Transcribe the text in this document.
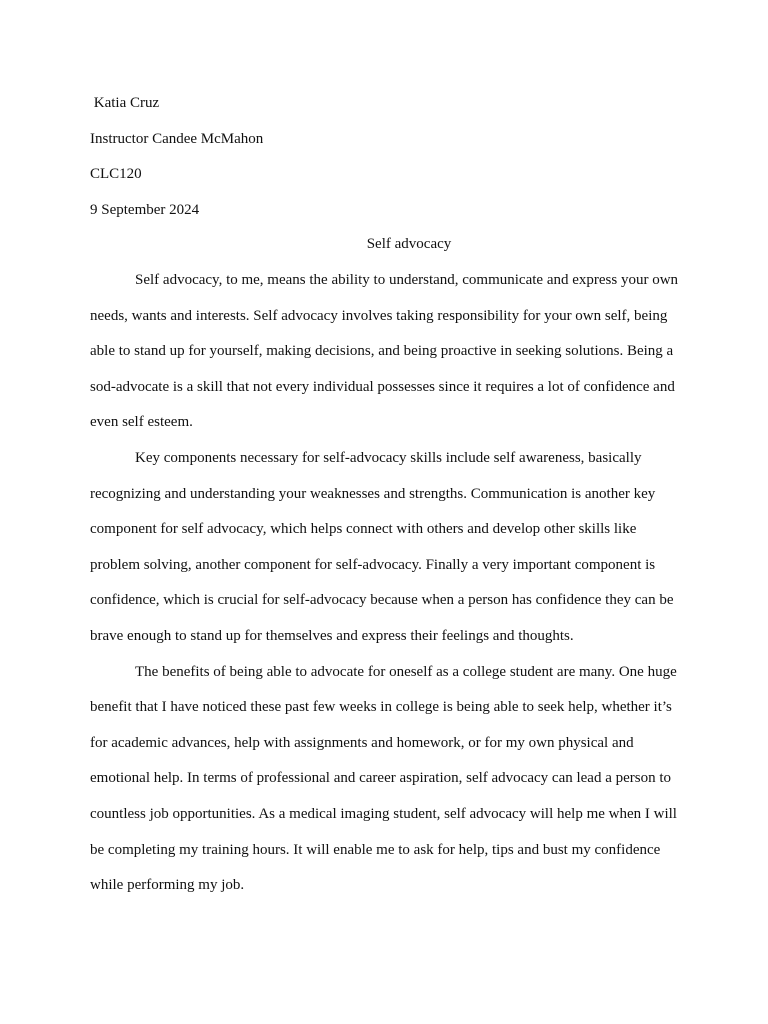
Katia Cruz
Instructor Candee McMahon
CLC120
9 September 2024
Self advocacy

Self advocacy, to me, means the ability to understand, communicate and express your own needs, wants and interests. Self advocacy involves taking responsibility for your own self, being able to stand up for yourself, making decisions, and being proactive in seeking solutions. Being a sod-advocate is a skill that not every individual possesses since it requires a lot of confidence and even self esteem.

Key components necessary for self-advocacy skills include self awareness, basically recognizing and understanding your weaknesses and strengths. Communication is another key component for self advocacy, which helps connect with others and develop other skills like problem solving, another component for self-advocacy. Finally a very important component is confidence, which is crucial for self-advocacy because when a person has confidence they can be brave enough to stand up for themselves and express their feelings and thoughts.

The benefits of being able to advocate for oneself as a college student are many. One huge benefit that I have noticed these past few weeks in college is being able to seek help, whether it’s for academic advances, help with assignments and homework, or for my own physical and emotional help. In terms of professional and career aspiration, self advocacy can lead a person to countless job opportunities. As a medical imaging student, self advocacy will help me when I will be completing my training hours. It will enable me to ask for help, tips and bust my confidence while performing my job.
